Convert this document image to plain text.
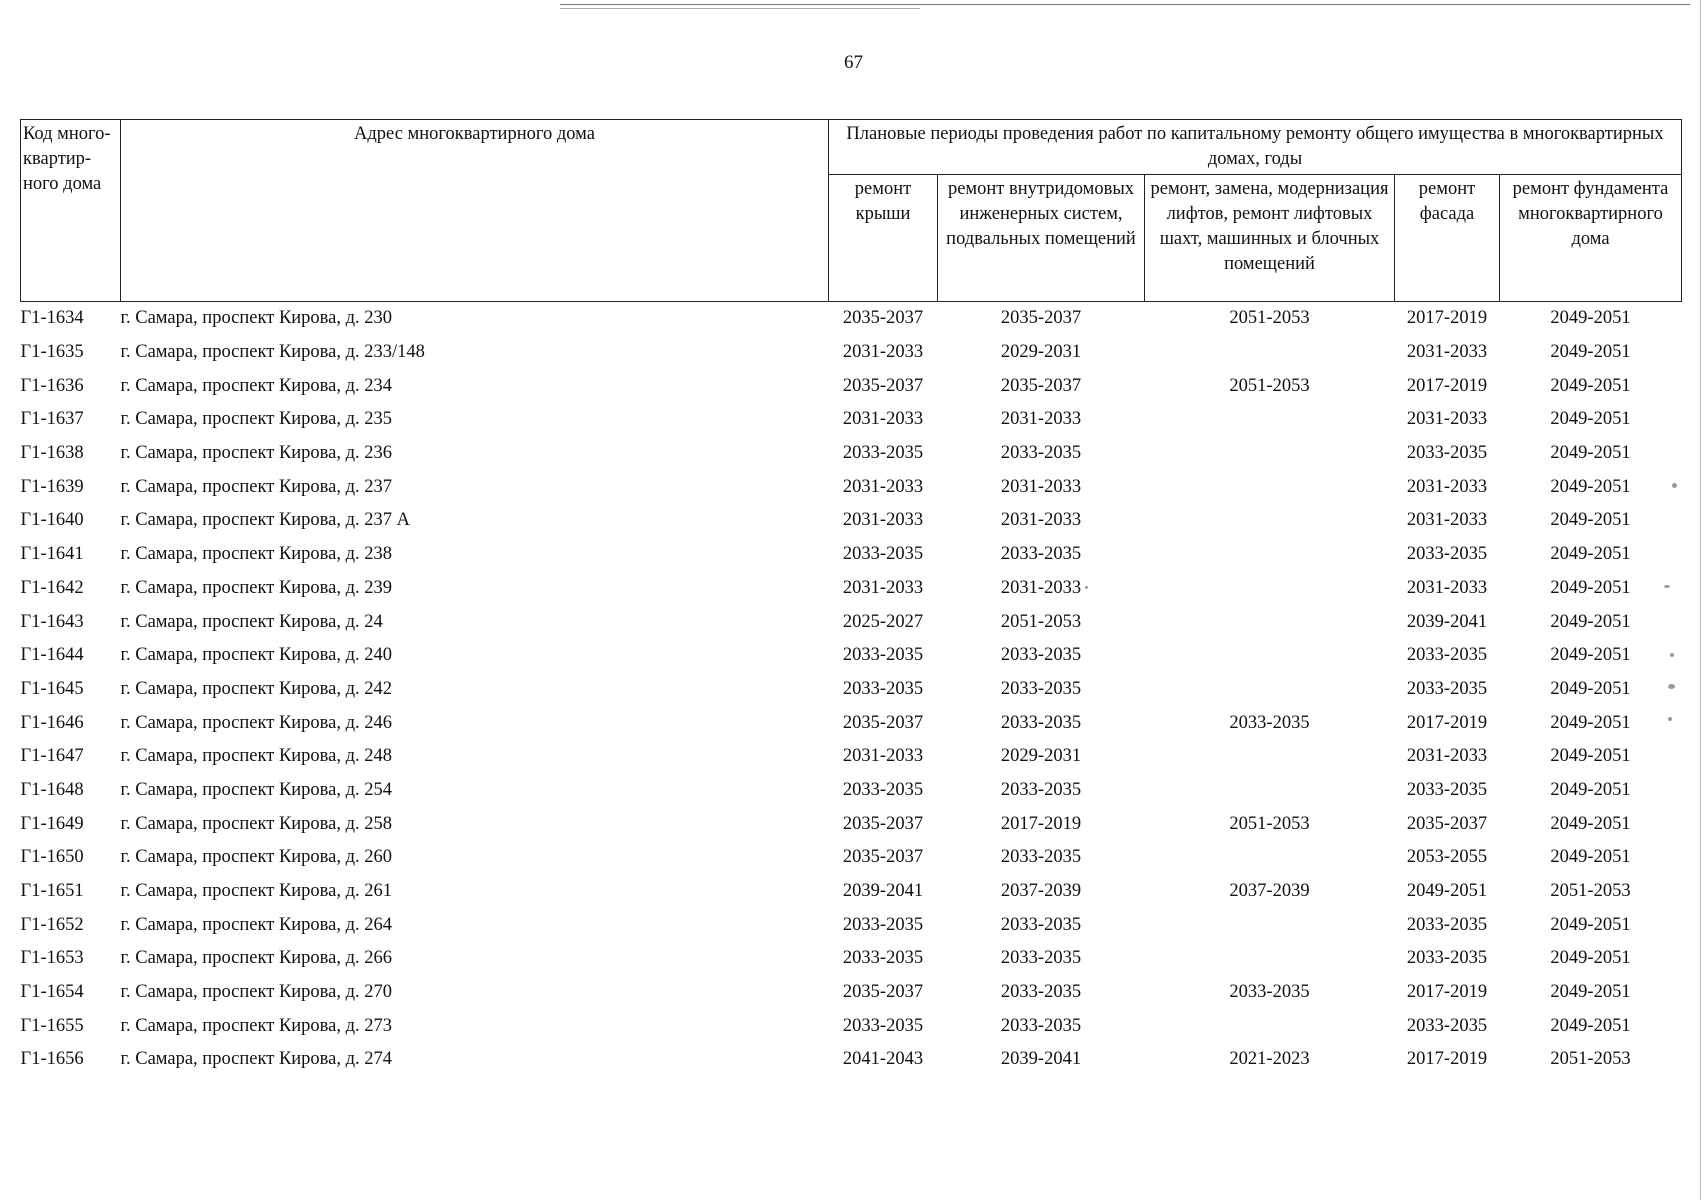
67
Код много-квартир-ного дома	Адрес многоквартирного дома	Плановые периоды проведения работ по капитальному ремонту общего имущества в многоквартирных домах, годы				
		ремонт крыши	ремонт внутридомовых инженерных систем, подвальных помещений	ремонт, замена, модернизация лифтов, ремонт лифтовых шахт, машинных и блочных помещений	ремонт фасада	ремонт фундамента многоквартирного дома
Г1-1634	г. Самара, проспект Кирова, д. 230	2035-2037	2035-2037	2051-2053	2017-2019	2049-2051
Г1-1635	г. Самара, проспект Кирова, д. 233/148	2031-2033	2029-2031		2031-2033	2049-2051
Г1-1636	г. Самара, проспект Кирова, д. 234	2035-2037	2035-2037	2051-2053	2017-2019	2049-2051
Г1-1637	г. Самара, проспект Кирова, д. 235	2031-2033	2031-2033		2031-2033	2049-2051
Г1-1638	г. Самара, проспект Кирова, д. 236	2033-2035	2033-2035		2033-2035	2049-2051
Г1-1639	г. Самара, проспект Кирова, д. 237	2031-2033	2031-2033		2031-2033	2049-2051
Г1-1640	г. Самара, проспект Кирова, д. 237 А	2031-2033	2031-2033		2031-2033	2049-2051
Г1-1641	г. Самара, проспект Кирова, д. 238	2033-2035	2033-2035		2033-2035	2049-2051
Г1-1642	г. Самара, проспект Кирова, д. 239	2031-2033	2031-2033		2031-2033	2049-2051
Г1-1643	г. Самара, проспект Кирова, д. 24	2025-2027	2051-2053		2039-2041	2049-2051
Г1-1644	г. Самара, проспект Кирова, д. 240	2033-2035	2033-2035		2033-2035	2049-2051
Г1-1645	г. Самара, проспект Кирова, д. 242	2033-2035	2033-2035		2033-2035	2049-2051
Г1-1646	г. Самара, проспект Кирова, д. 246	2035-2037	2033-2035	2033-2035	2017-2019	2049-2051
Г1-1647	г. Самара, проспект Кирова, д. 248	2031-2033	2029-2031		2031-2033	2049-2051
Г1-1648	г. Самара, проспект Кирова, д. 254	2033-2035	2033-2035		2033-2035	2049-2051
Г1-1649	г. Самара, проспект Кирова, д. 258	2035-2037	2017-2019	2051-2053	2035-2037	2049-2051
Г1-1650	г. Самара, проспект Кирова, д. 260	2035-2037	2033-2035		2053-2055	2049-2051
Г1-1651	г. Самара, проспект Кирова, д. 261	2039-2041	2037-2039	2037-2039	2049-2051	2051-2053
Г1-1652	г. Самара, проспект Кирова, д. 264	2033-2035	2033-2035		2033-2035	2049-2051
Г1-1653	г. Самара, проспект Кирова, д. 266	2033-2035	2033-2035		2033-2035	2049-2051
Г1-1654	г. Самара, проспект Кирова, д. 270	2035-2037	2033-2035	2033-2035	2017-2019	2049-2051
Г1-1655	г. Самара, проспект Кирова, д. 273	2033-2035	2033-2035		2033-2035	2049-2051
Г1-1656	г. Самара, проспект Кирова, д. 274	2041-2043	2039-2041	2021-2023	2017-2019	2051-2053
